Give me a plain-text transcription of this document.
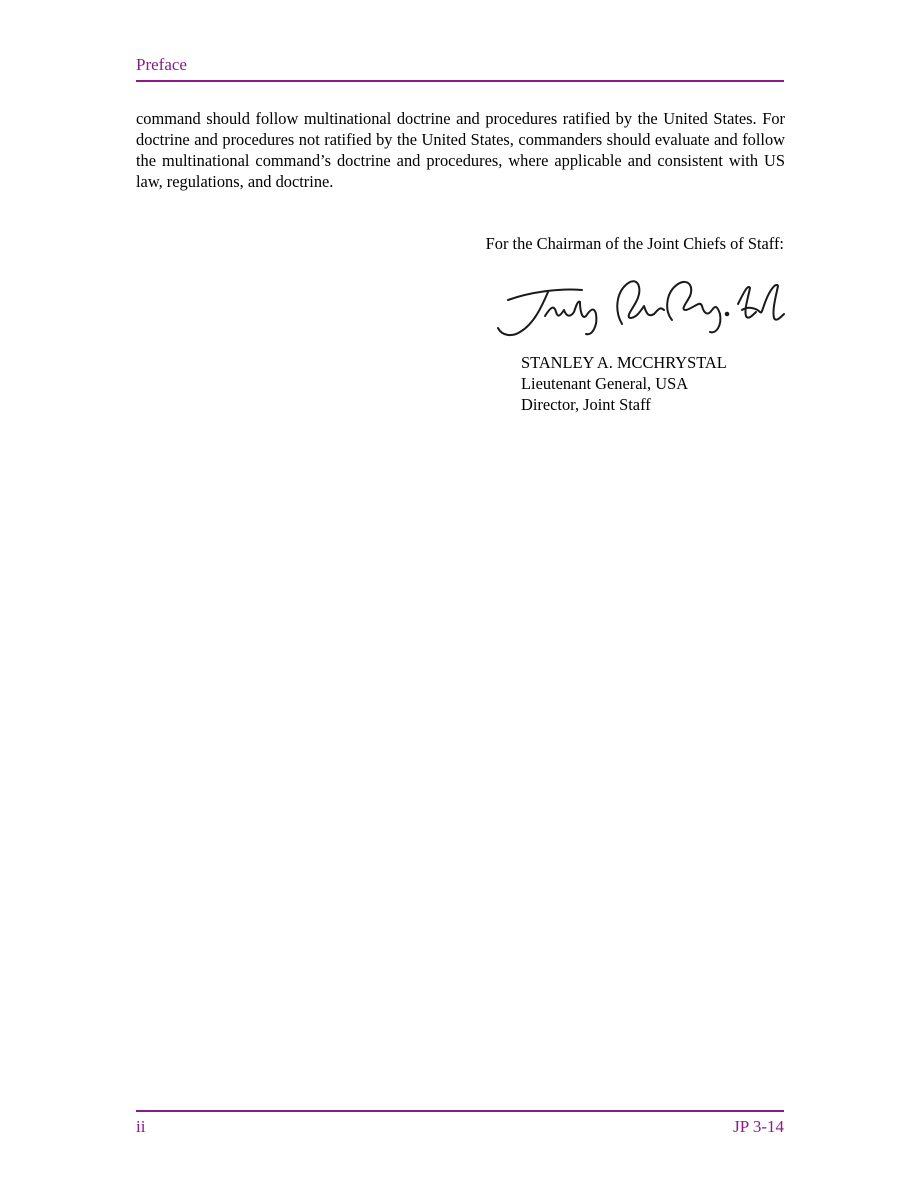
Preface

command should follow multinational doctrine and procedures ratified by the United States. For doctrine and procedures not ratified by the United States, commanders should evaluate and follow the multinational command’s doctrine and procedures, where applicable and consistent with US law, regulations, and doctrine.

For the Chairman of the Joint Chiefs of Staff:
STANLEY A. MCCHRYSTAL
Lieutenant General, USA
Director, Joint Staff
ii	JP 3-14
